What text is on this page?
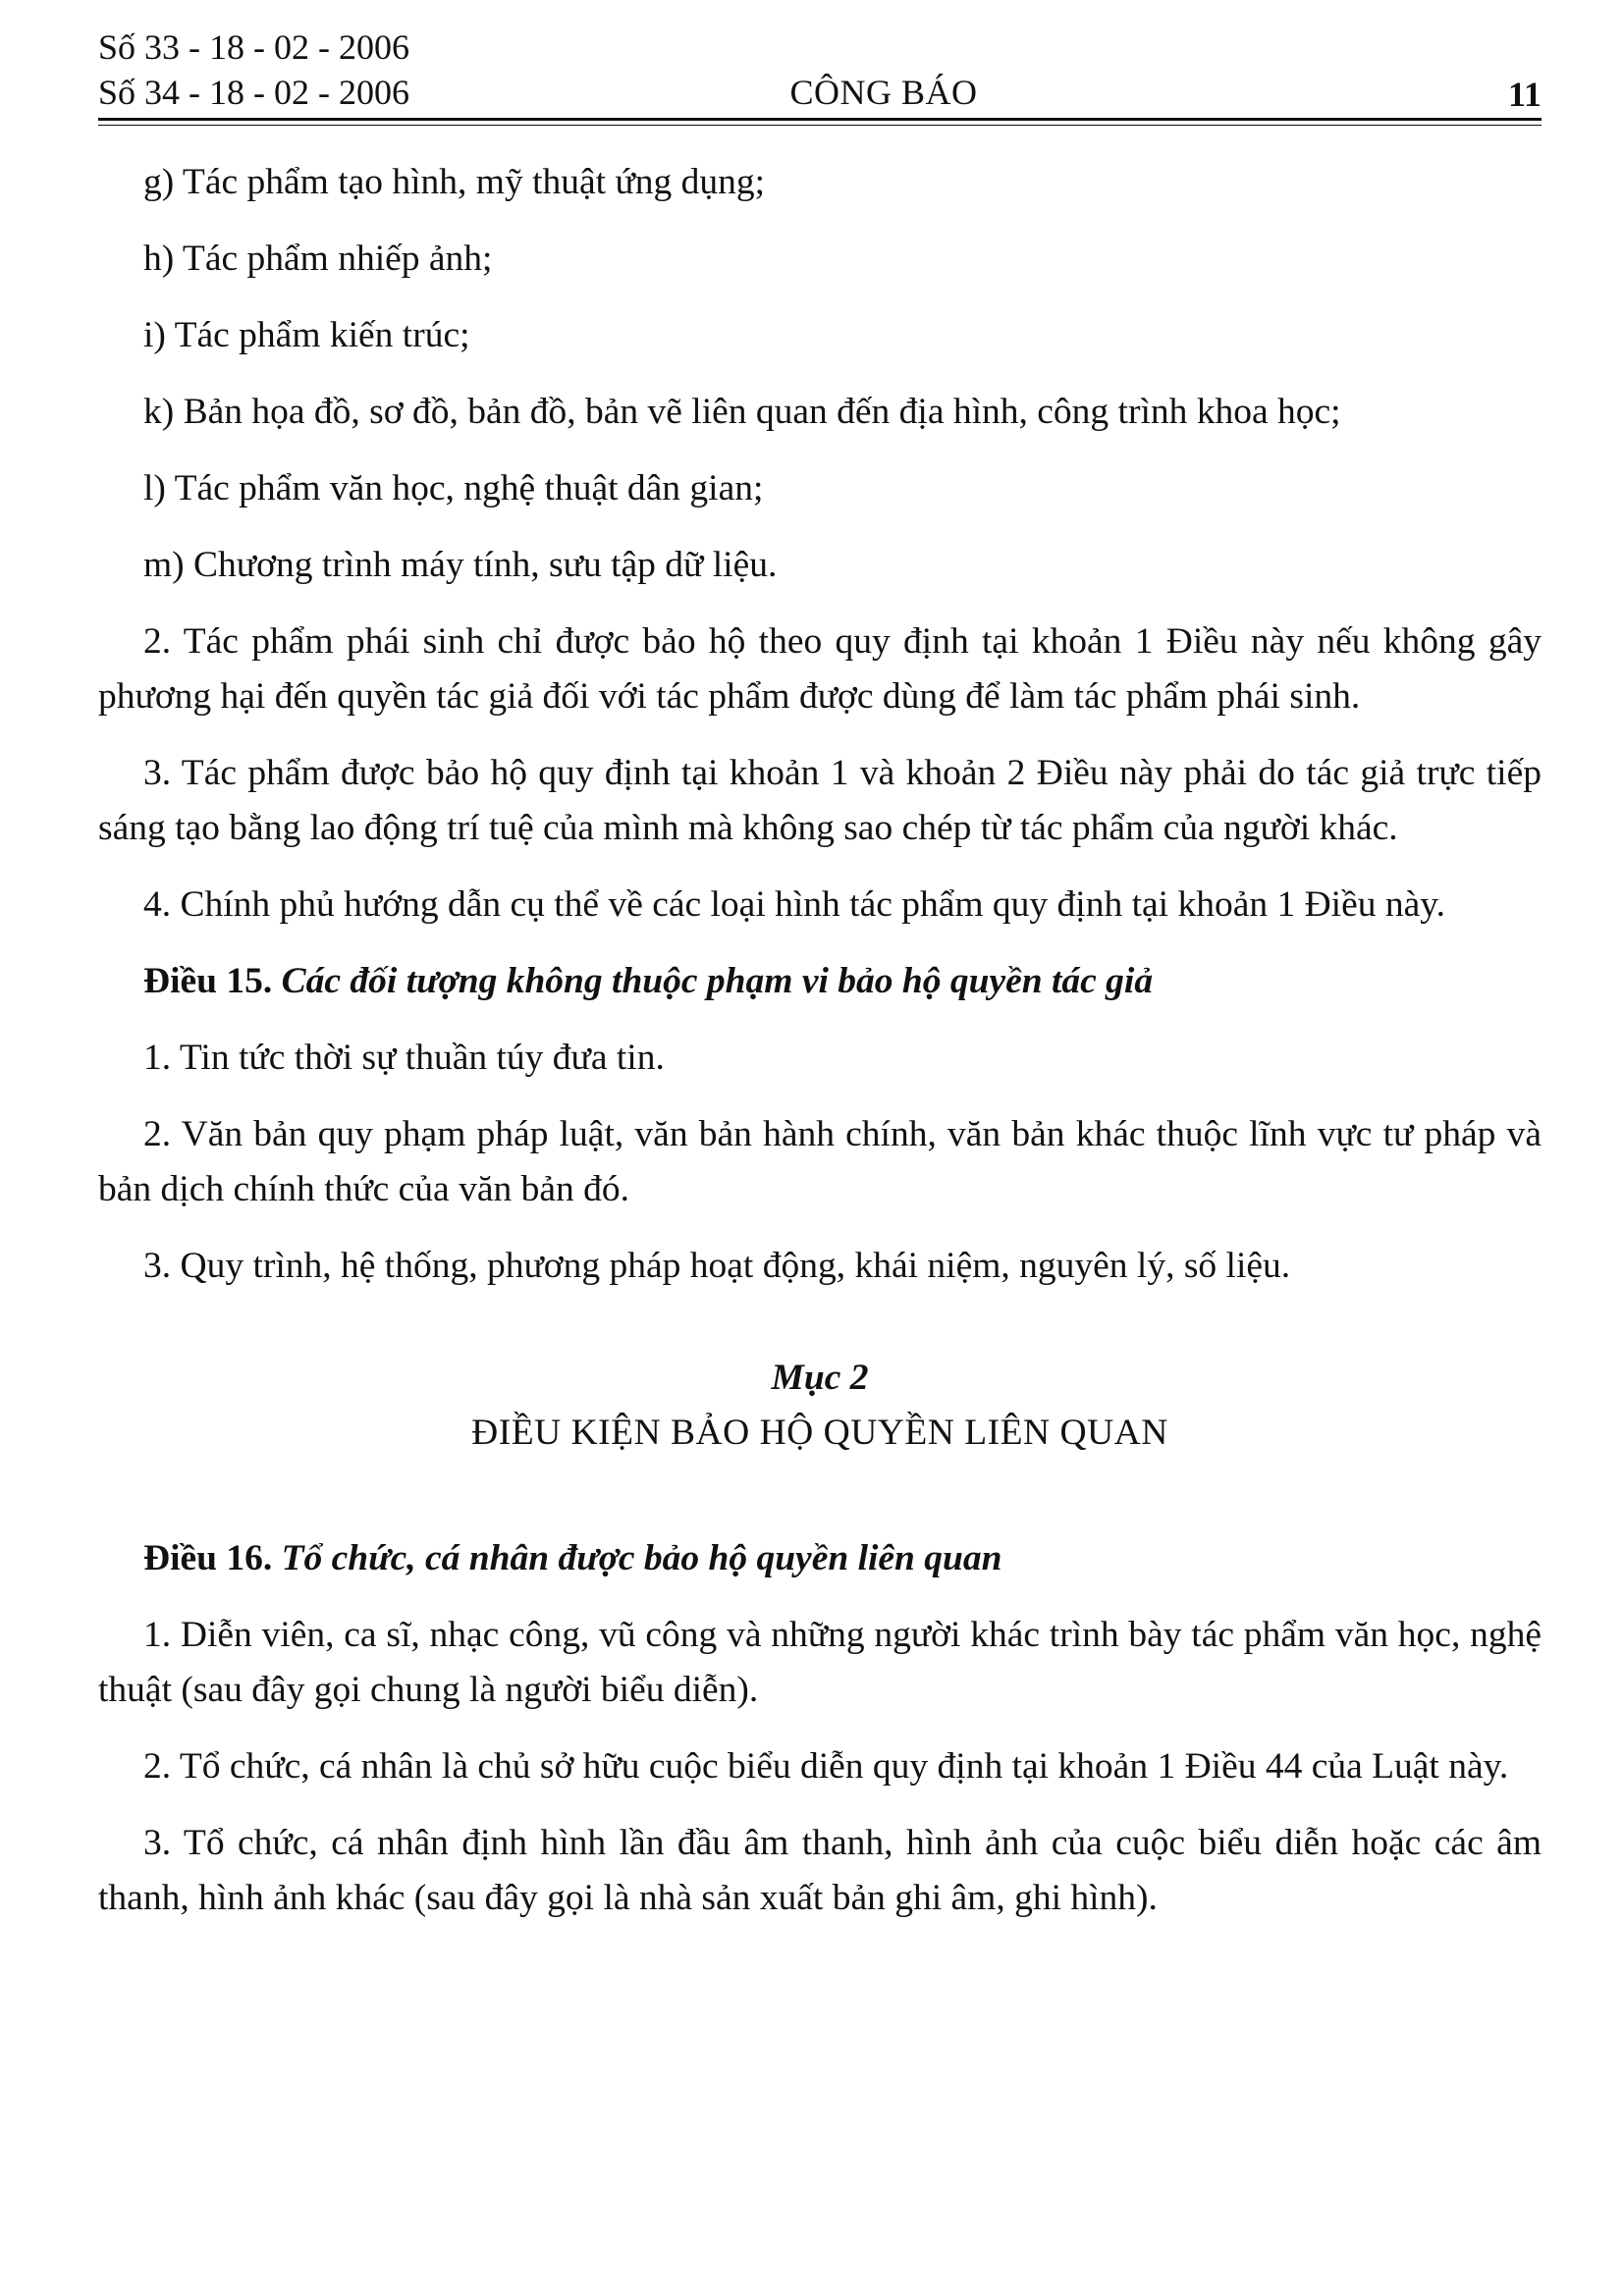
Số 33 - 18 - 02 - 2006
Số 34 - 18 - 02 - 2006	CÔNG BÁO	11

g) Tác phẩm tạo hình, mỹ thuật ứng dụng;

h) Tác phẩm nhiếp ảnh;

i) Tác phẩm kiến trúc;

k) Bản họa đồ, sơ đồ, bản đồ, bản vẽ liên quan đến địa hình, công trình khoa học;

l) Tác phẩm văn học, nghệ thuật dân gian;

m) Chương trình máy tính, sưu tập dữ liệu.

2. Tác phẩm phái sinh chỉ được bảo hộ theo quy định tại khoản 1 Điều này nếu không gây phương hại đến quyền tác giả đối với tác phẩm được dùng để làm tác phẩm phái sinh.

3. Tác phẩm được bảo hộ quy định tại khoản 1 và khoản 2 Điều này phải do tác giả trực tiếp sáng tạo bằng lao động trí tuệ của mình mà không sao chép từ tác phẩm của người khác.

4. Chính phủ hướng dẫn cụ thể về các loại hình tác phẩm quy định tại khoản 1 Điều này.

Điều 15. Các đối tượng không thuộc phạm vi bảo hộ quyền tác giả

1. Tin tức thời sự thuần túy đưa tin.

2. Văn bản quy phạm pháp luật, văn bản hành chính, văn bản khác thuộc lĩnh vực tư pháp và bản dịch chính thức của văn bản đó.

3. Quy trình, hệ thống, phương pháp hoạt động, khái niệm, nguyên lý, số liệu.

Mục 2

ĐIỀU KIỆN BẢO HỘ QUYỀN LIÊN QUAN

Điều 16. Tổ chức, cá nhân được bảo hộ quyền liên quan

1. Diễn viên, ca sĩ, nhạc công, vũ công và những người khác trình bày tác phẩm văn học, nghệ thuật (sau đây gọi chung là người biểu diễn).

2. Tổ chức, cá nhân là chủ sở hữu cuộc biểu diễn quy định tại khoản 1 Điều 44 của Luật này.

3. Tổ chức, cá nhân định hình lần đầu âm thanh, hình ảnh của cuộc biểu diễn hoặc các âm thanh, hình ảnh khác (sau đây gọi là nhà sản xuất bản ghi âm, ghi hình).
